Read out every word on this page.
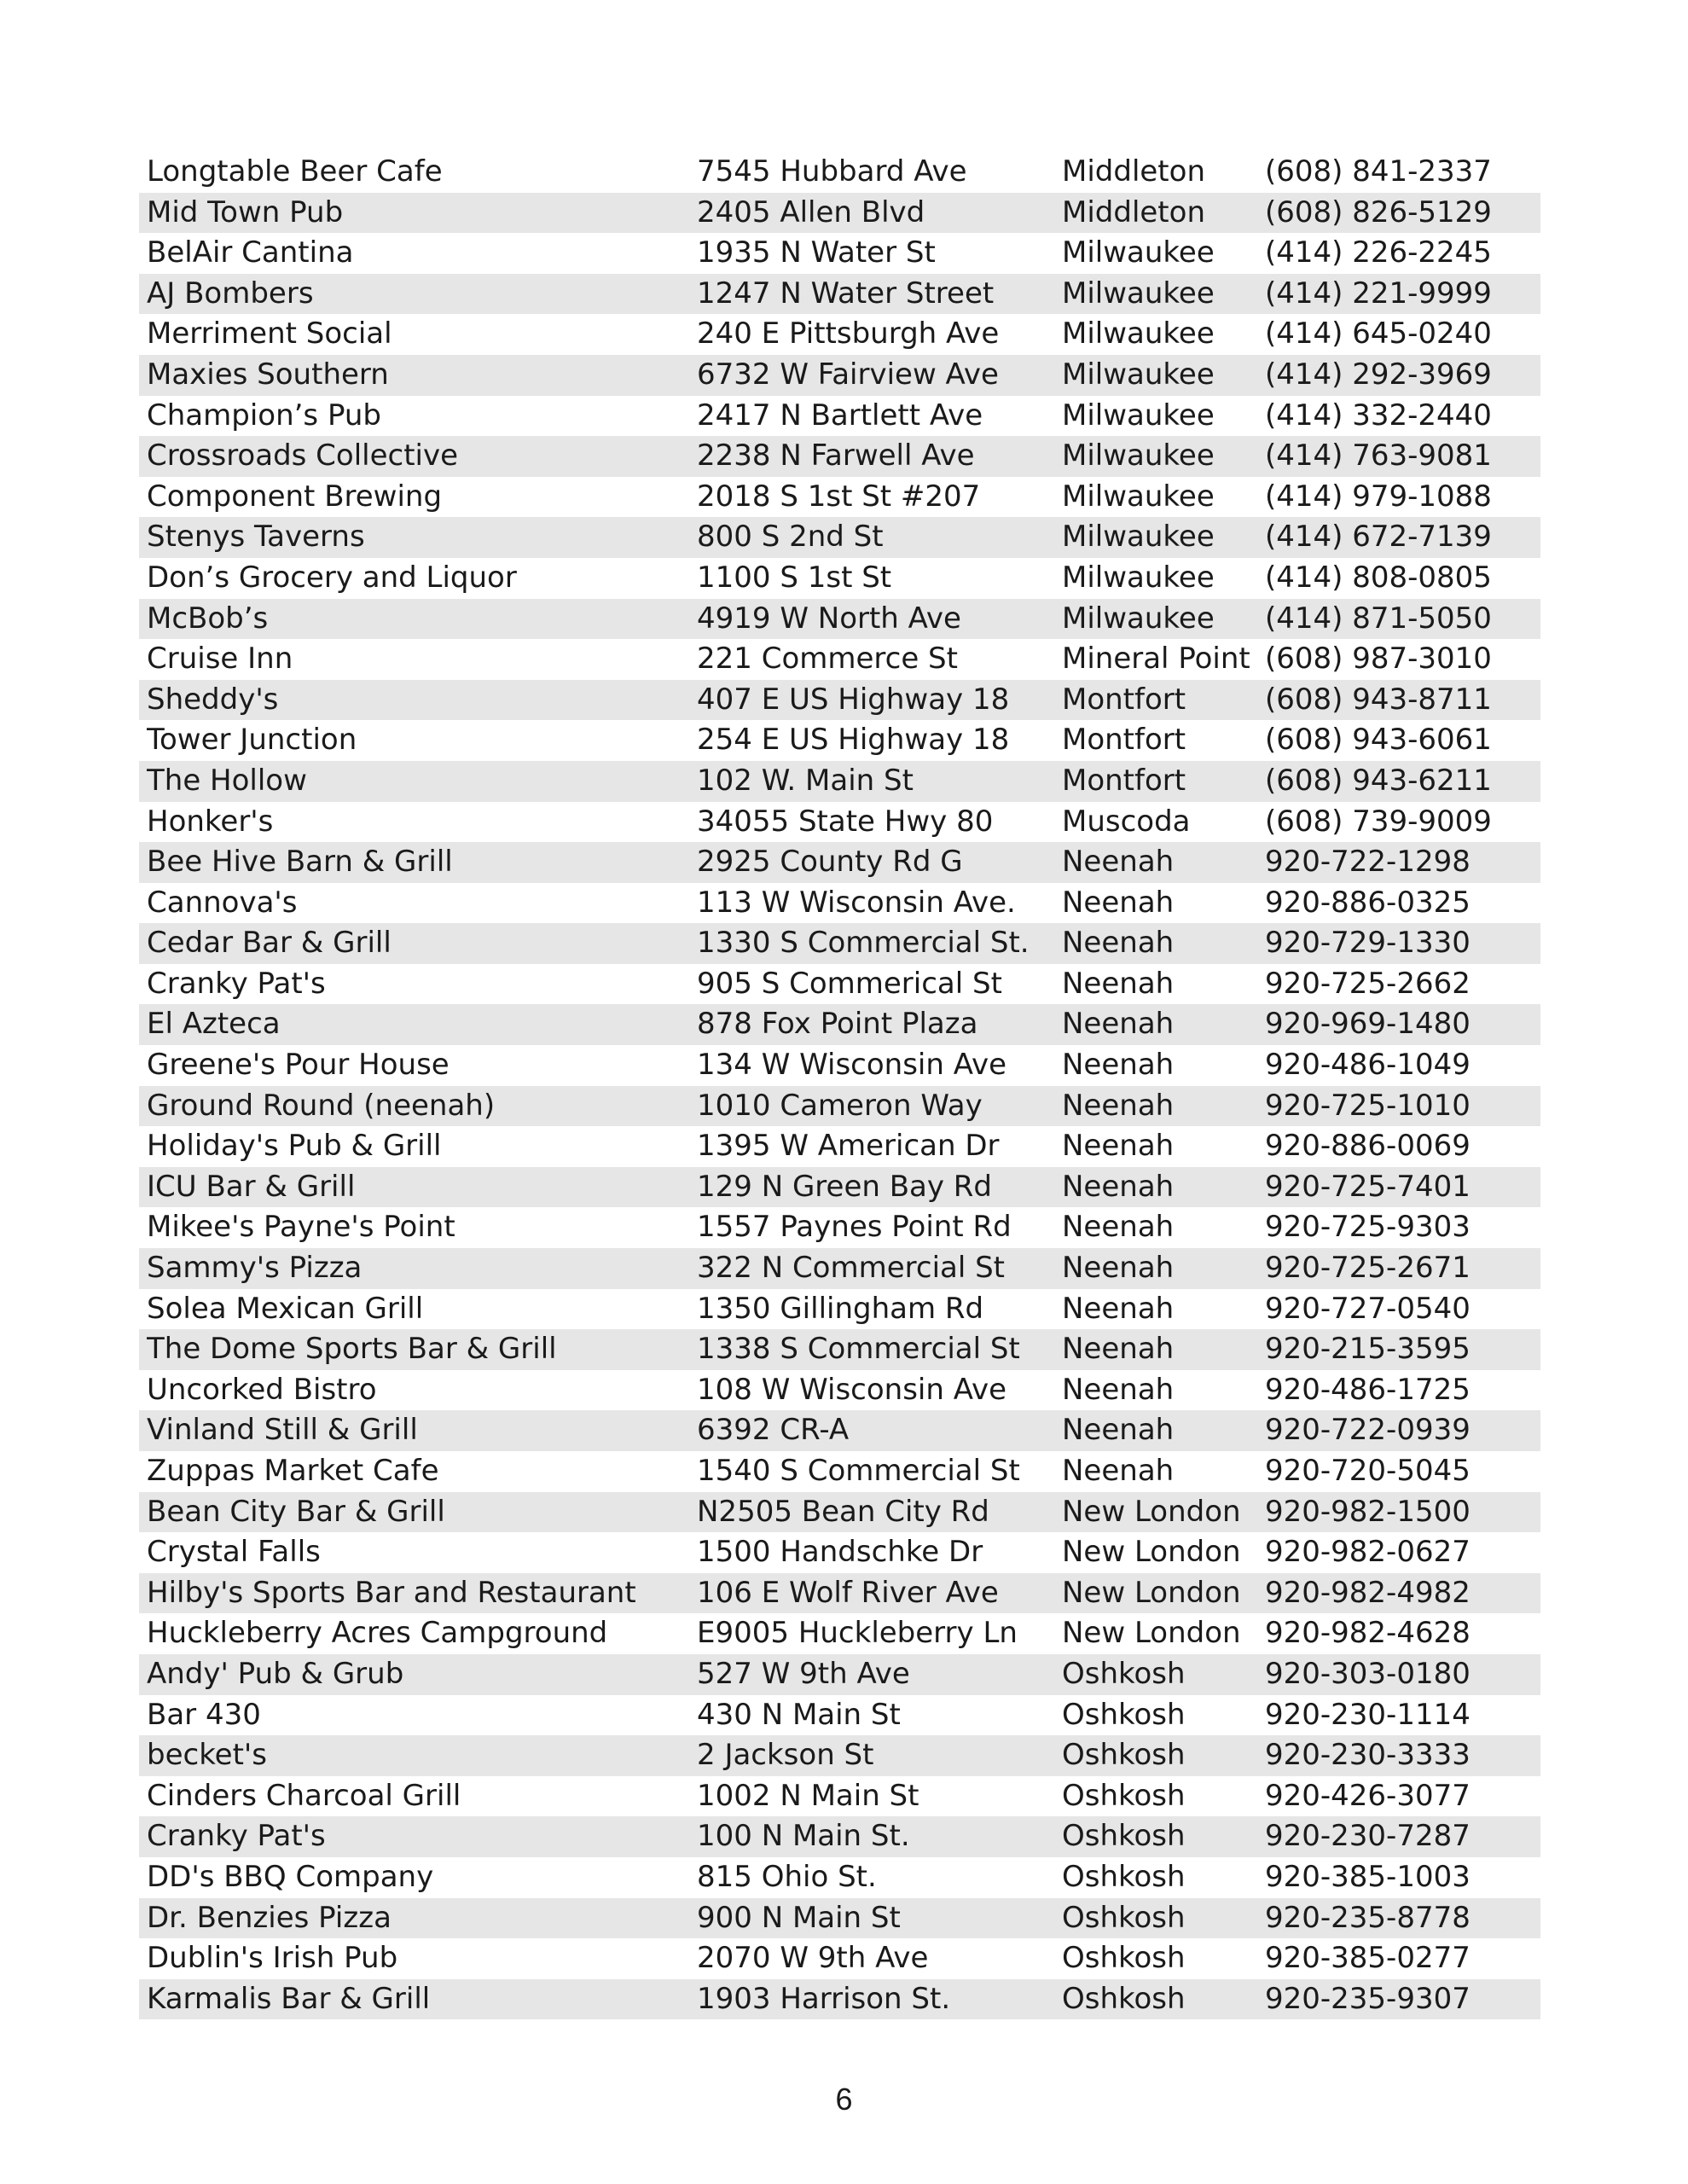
Longtable Beer Cafe	7545 Hubbard Ave	Middleton	(608) 841-2337
Mid Town Pub	2405 Allen Blvd	Middleton	(608) 826-5129
BelAir Cantina	1935 N Water St	Milwaukee	(414) 226-2245
AJ Bombers	1247 N Water Street	Milwaukee	(414) 221-9999
Merriment Social	240 E Pittsburgh Ave	Milwaukee	(414) 645-0240
Maxies Southern	6732 W Fairview Ave	Milwaukee	(414) 292-3969
Champion’s Pub	2417 N Bartlett Ave	Milwaukee	(414) 332-2440
Crossroads Collective	2238 N Farwell Ave	Milwaukee	(414) 763-9081
Component Brewing	2018 S 1st St #207	Milwaukee	(414) 979-1088
Stenys Taverns	800 S 2nd St	Milwaukee	(414) 672-7139
Don’s Grocery and Liquor	1100 S 1st St	Milwaukee	(414) 808-0805
McBob’s	4919 W North Ave	Milwaukee	(414) 871-5050
Cruise Inn	221 Commerce St	Mineral Point (608) 987-3010
Sheddy's	407 E US Highway 18	Montfort	(608) 943-8711
Tower Junction	254 E US Highway 18	Montfort	(608) 943-6061
The Hollow	102 W. Main St	Montfort	(608) 943-6211
Honker's	34055 State Hwy 80	Muscoda	(608) 739-9009
Bee Hive Barn & Grill	2925 County Rd G	Neenah	920-722-1298
Cannova's	113 W Wisconsin Ave.	Neenah	920-886-0325
Cedar Bar & Grill	1330 S Commercial St.	Neenah	920-729-1330
Cranky Pat's	905 S Commerical St	Neenah	920-725-2662
El Azteca	878 Fox Point Plaza	Neenah	920-969-1480
Greene's Pour House	134 W Wisconsin Ave	Neenah	920-486-1049
Ground Round (neenah)	1010 Cameron Way	Neenah	920-725-1010
Holiday's Pub & Grill	1395 W American Dr	Neenah	920-886-0069
ICU Bar & Grill	129 N Green Bay Rd	Neenah	920-725-7401
Mikee's Payne's Point	1557 Paynes Point Rd	Neenah	920-725-9303
Sammy's Pizza	322 N Commercial St	Neenah	920-725-2671
Solea Mexican Grill	1350 Gillingham Rd	Neenah	920-727-0540
The Dome Sports Bar & Grill	1338 S Commercial St	Neenah	920-215-3595
Uncorked Bistro	108 W Wisconsin Ave	Neenah	920-486-1725
Vinland Still & Grill	6392 CR-A	Neenah	920-722-0939
Zuppas Market Cafe	1540 S Commercial St	Neenah	920-720-5045
Bean City Bar & Grill	N2505 Bean City Rd	New London 920-982-1500
Crystal Falls	1500 Handschke Dr	New London 920-982-0627
Hilby's Sports Bar and Restaurant	106 E Wolf River Ave	New London 920-982-4982
Huckleberry Acres Campground	E9005 Huckleberry Ln	New London 920-982-4628
Andy' Pub & Grub	527 W 9th Ave	Oshkosh	920-303-0180
Bar 430	430 N Main St	Oshkosh	920-230-1114
becket's	2 Jackson St	Oshkosh	920-230-3333
Cinders Charcoal Grill	1002 N Main St	Oshkosh	920-426-3077
Cranky Pat's	100 N Main St.	Oshkosh	920-230-7287
DD's BBQ Company	815 Ohio St.	Oshkosh	920-385-1003
Dr. Benzies Pizza	900 N Main St	Oshkosh	920-235-8778
Dublin's Irish Pub	2070 W 9th Ave	Oshkosh	920-385-0277
Karmalis Bar & Grill	1903 Harrison St.	Oshkosh	920-235-9307
6
